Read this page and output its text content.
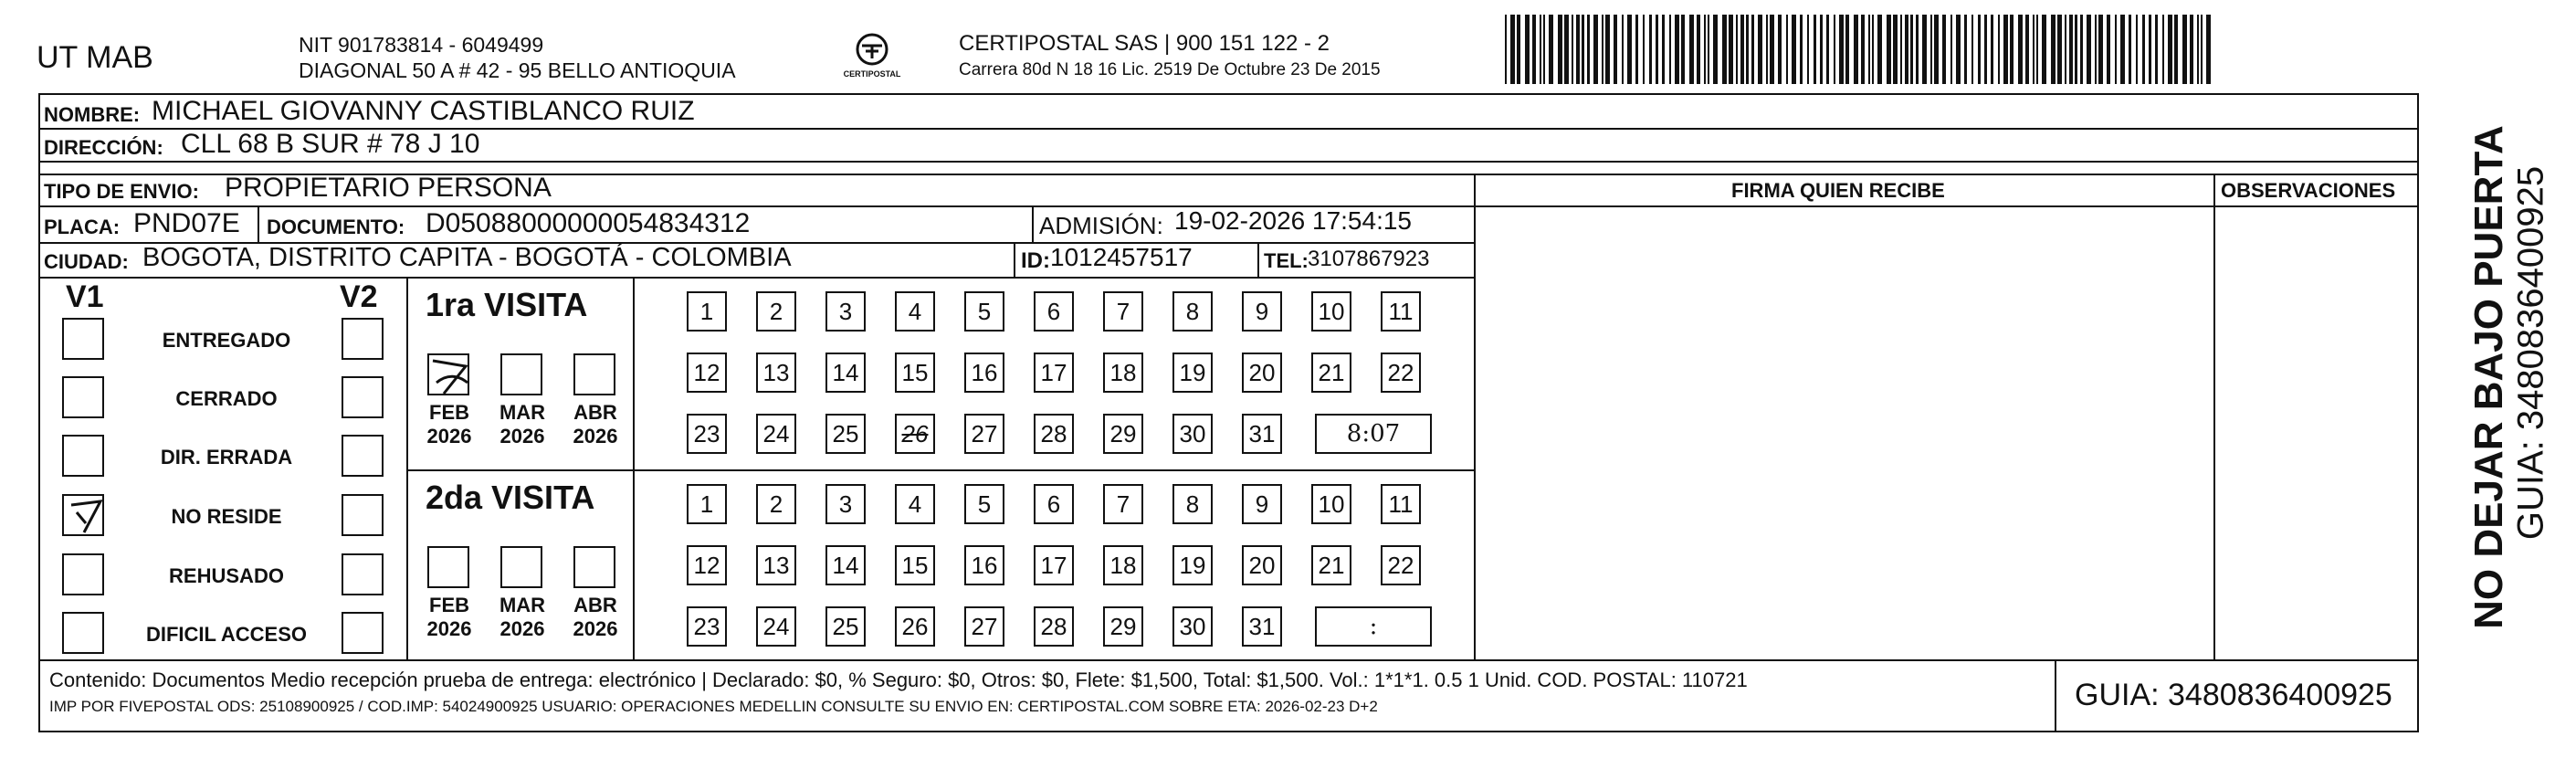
UT MAB	NIT 901783814 - 6049499
DIAGONAL 50 A # 42 - 95 BELLO ANTIOQUIA	CERTIPOSTAL
CERTIPOSTAL SAS | 900 151 122 - 2
Carrera 80d N 18 16 Lic. 2519 De Octubre 23 De 2015
NOMBRE: MICHAEL GIOVANNY CASTIBLANCO RUIZ
DIRECCIÓN: CLL 68 B SUR # 78 J 10
TIPO DE ENVIO: PROPIETARIO PERSONA
PLACA: PND07E DOCUMENTO: D05088000000054834312	ADMISIÓN: 19-02-2026 17:54:15
CIUDAD: BOGOTA, DISTRITO CAPITA - BOGOTÁ - COLOMBIA	ID: 1012457517	TEL: 3107867923
FIRMA QUIEN RECIBE	OBSERVACIONES
V1	V2
ENTREGADO
CERRADO
DIR. ERRADA
NO RESIDE
REHUSADO
DIFICIL ACCESO
1ra VISITA
FEB
2026
MAR
2026
ABR
2026
1	2	3	4	5	6	7	8	9	10	11
12 13 14 15 16 17 18 19 20 21 22
23 24 25 26 27 28 29 30 31	8:07
2da VISITA
FEB
2026
MAR
2026
ABR
2026
1	2	3	4	5	6	7	8	9	10	11
12 13 14 15 16 17 18 19 20 21 22
23 24 25 26 27 28 29 30 31	:
Contenido: Documentos Medio recepción prueba de entrega: electrónico | Declarado: $0, % Seguro: $0, Otros: $0, Flete: $1,500, Total: $1,500. Vol.: 1*1*1. 0.5 1 Unid. COD. POSTAL: 110721
IMP POR FIVEPOSTAL ODS: 25108900925 / COD.IMP: 54024900925 USUARIO: OPERACIONES MEDELLIN CONSULTE SU ENVIO EN: CERTIPOSTAL.COM SOBRE ETA: 2026-02-23 D+2	GUIA: 3480836400925
NO DEJAR BAJO PUERTA GUIA: 3480836400925
